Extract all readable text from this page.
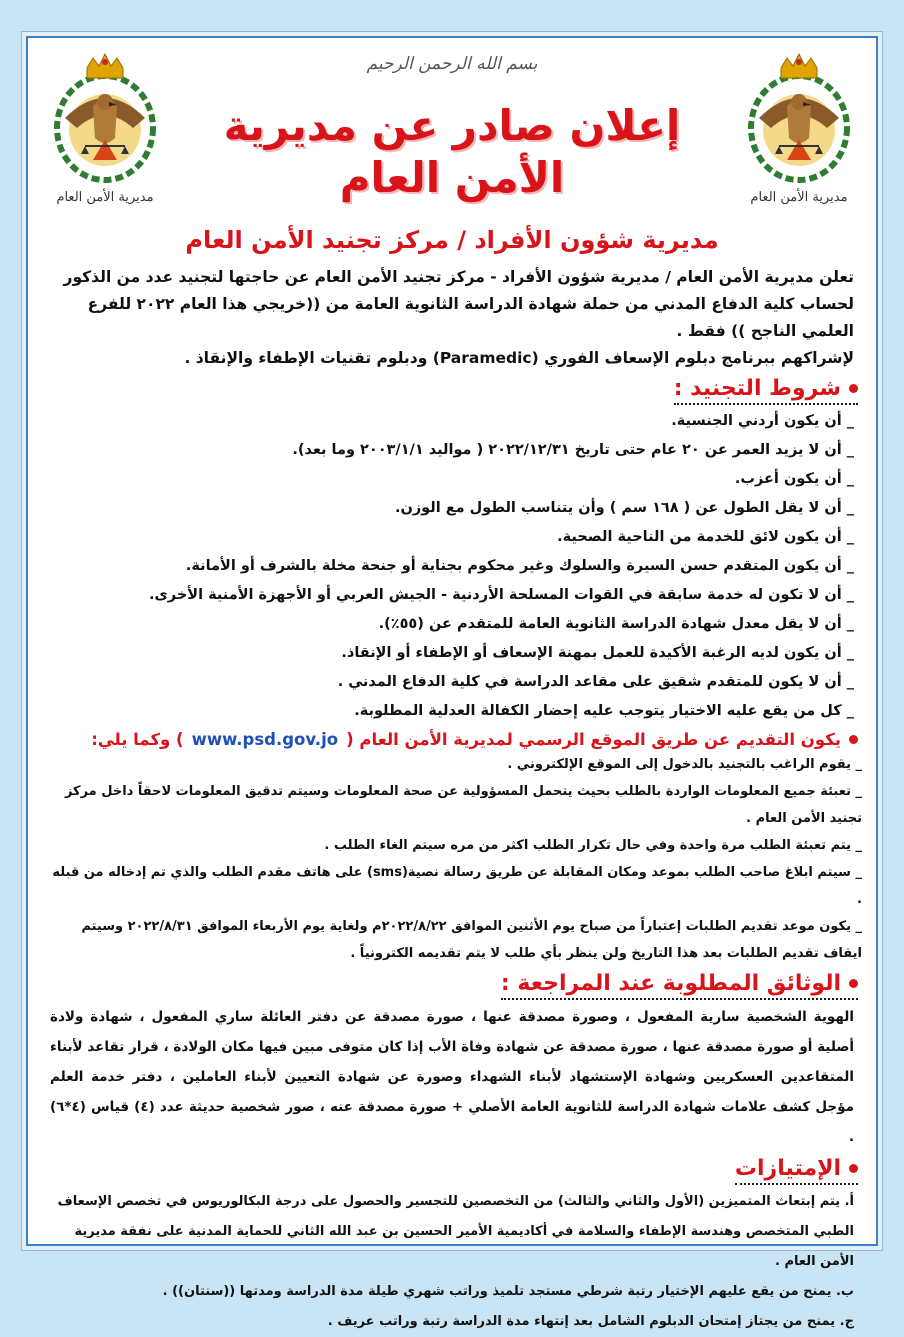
مديرية الأمن العام
مديرية الأمن العام
بسم الله الرحمن الرحيم
إعلان صادر عن مديرية
الأمن العام
مديرية شؤون الأفراد / مركز تجنيد الأمن العام

تعلن مديرية الأمن العام / مديرية شؤون الأفراد - مركز تجنيد الأمن العام عن حاجتها لتجنيد عدد من الذكور لحساب كلية الدفاع المدني من حملة شهادة الدراسة الثانوية العامة من ((خريجي هذا العام ٢٠٢٢ للفرع العلمي الناجح )) فقط .

لإشراكهم ببرنامج دبلوم الإسعاف الفوري (Paramedic) ودبلوم تقنيات الإطفاء والإنقاذ .

شروط التجنيد :
_ أن يكون أردني الجنسية.
_ أن لا يزيد العمر عن ٢٠ عام حتى تاريخ ٢٠٢٢/١٢/٣١ ( مواليد ٢٠٠٣/١/١ وما بعد).
_ أن يكون أعزب.
_ أن لا يقل الطول عن ( ١٦٨ سم ) وأن يتناسب الطول مع الوزن.
_ أن يكون لائق للخدمة من الناحية الصحية.
_ أن يكون المتقدم حسن السيرة والسلوك وغير محكوم بجناية أو جنحة مخلة بالشرف أو الأمانة.
_ أن لا تكون له خدمة سابقة في القوات المسلحة الأردنية - الجيش العربي أو الأجهزة الأمنية الأخرى.
_ أن لا يقل معدل شهادة الدراسة الثانوية العامة للمتقدم عن (٥٥٪).
_ أن يكون لديه الرغبة الأكيدة للعمل بمهنة الإسعاف أو الإطفاء أو الإنقاذ.
_ أن لا يكون للمتقدم شقيق على مقاعد الدراسة في كلية الدفاع المدني .
_ كل من يقع عليه الاختيار يتوجب عليه إحضار الكفالة العدلية المطلوبة.
يكون التقديم عن طريق الموقع الرسمي لمديرية الأمن العام (
www.psd.gov.jo
) وكما يلي:
_ يقوم الراغب بالتجنيد بالدخول إلى الموقع الإلكتروني .
_ تعبئة جميع المعلومات الواردة بالطلب بحيث يتحمل المسؤولية عن صحة المعلومات وسيتم تدقيق المعلومات لاحقاً داخل مركز تجنيد الأمن العام .
_ يتم تعبئة الطلب مرة واحدة وفي حال تكرار الطلب اكثر من مره سيتم الغاء الطلب .
_ سيتم ابلاغ صاحب الطلب بموعد ومكان المقابلة عن طريق رسالة نصية(sms) على هاتف مقدم الطلب والذي تم إدخاله من قبله .
_ يكون موعد تقديم الطلبات إعتباراً من صباح يوم الأثنين الموافق ٢٠٢٢/٨/٢٢م ولغاية يوم الأربعاء الموافق ٢٠٢٢/٨/٣١ وسيتم ايقاف تقديم الطلبات بعد هذا التاريخ ولن ينظر بأي طلب لا يتم تقديمه الكترونياً .
الوثائق المطلوبة عند المراجعة :

الهوية الشخصية سارية المفعول ، وصورة مصدقة عنها ، صورة مصدقة عن دفتر العائلة ساري المفعول ، شهادة ولادة أصلية أو صورة مصدقة عنها ، صورة مصدقة عن شهادة وفاة الأب إذا كان متوفى مبين فيها مكان الولادة ، قرار تقاعد لأبناء المتقاعدين العسكريين وشهادة الإستشهاد لأبناء الشهداء وصورة عن شهادة التعيين لأبناء العاملين ، دفتر خدمة العلم مؤجل كشف علامات شهادة الدراسة للثانوية العامة الأصلي + صورة مصدقة عنه ، صور شخصية حديثة عدد (٤) قياس (٤*٦) .

الإمتيازات
أ. يتم إبتعاث المتميزين (الأول والثاني والثالث) من التخصصين للتجسير والحصول على درجة البكالوريوس في تخصص الإسعاف الطبي المتخصص وهندسة الإطفاء والسلامة في أكاديمية الأمير الحسين بن عبد الله الثاني للحماية المدنية على نفقة مديرية الأمن العام .
ب. يمنح من يقع عليهم الإختيار رتبة شرطي مستجد تلميذ وراتب شهري طيلة مدة الدراسة ومدتها ((سنتان)) .
ج. يمنح من يجتاز إمتحان الدبلوم الشامل بعد إنتهاء مدة الدراسة رتبة وراتب عريف .
